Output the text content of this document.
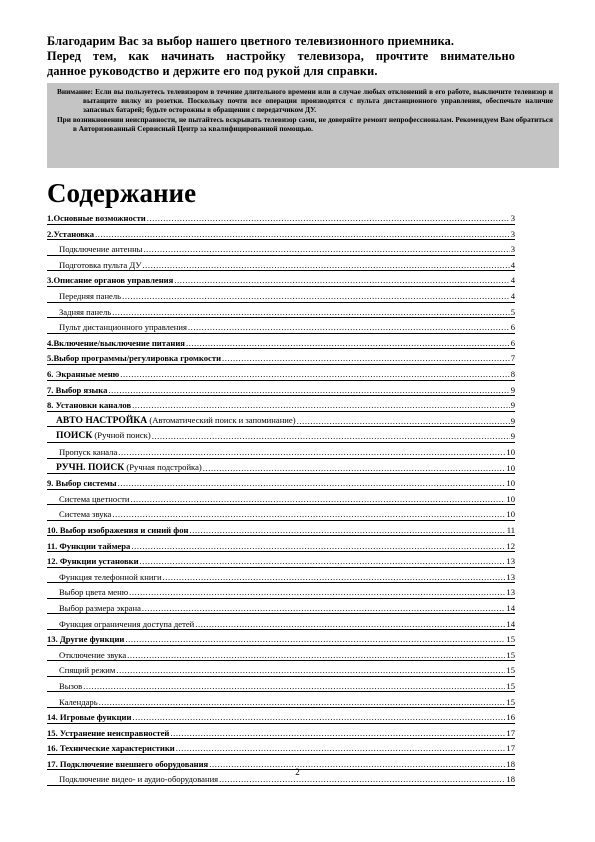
Благодарим Вас за выбор нашего цветного телевизионного приемника.
Перед тем, как начинать настройку телевизора, прочтите внимательно
данное руководство и держите его под рукой для справки.

Внимание: Если вы пользуетесь телевизором в течение длительного времени или в случае любых отклонений в его работе, выключите телевизор и вытащите вилку из розетки. Поскольку почти все операции производятся с пульта дистанционного управления, обеспечьте наличие запасных батарей; будьте осторожны в обращении с передатчиком ДУ.

При возникновении неисправности, не пытайтесь вскрывать телевизор сами, не доверяйте ремонт непрофессионалам. Рекомендуем Вам обратиться в Авторизованный Сервисный Центр за квалифицированной помощью.

Содержание
1.Основные возможности .....	3
2.Установка .....	3
Подключение антенны .....	3
Подготовка пульта ДУ .....	4
3.Описание органов управления .....	4
Передняя панель .....	4
Задняя панель .....	5
Пульт дистанционного управления .....	6
4.Включение/выключение питания .....	6
5.Выбор программы/регулировка громкости .....	7
6. Экранные меню .....	8
7. Выбор языка .....	9
8. Установки каналов .....	9
АВТО НАСТРОЙКА (Автоматический поиск и запоминание) .....	9
ПОИСК (Ручной поиск) .....	9
Пропуск канала .....	10
РУЧН. ПОИСК (Ручная подстройка) .....	10
9. Выбор системы .....	10
Система цветности .....	10
Система звука .....	10
10. Выбор изображения и синий фон .....	11
11. Функции таймера .....	12
12. Функции установки .....	13
Функция телефонной книги .....	13
Выбор цвета меню .....	13
Выбор размера экрана .....	14
Функция ограничения доступа детей .....	14
13. Другие функции .....	15
Отключение звука .....	15
Спящий режим .....	15
Вызов .....	15
Календарь .....	15
14. Игровые функции .....	16
15. Устранение неисправностей .....	17
16. Технические характеристики .....	17
17. Подключение внешнего оборудования .....	18
Подключение видео- и аудио-оборудования .....	18
2
